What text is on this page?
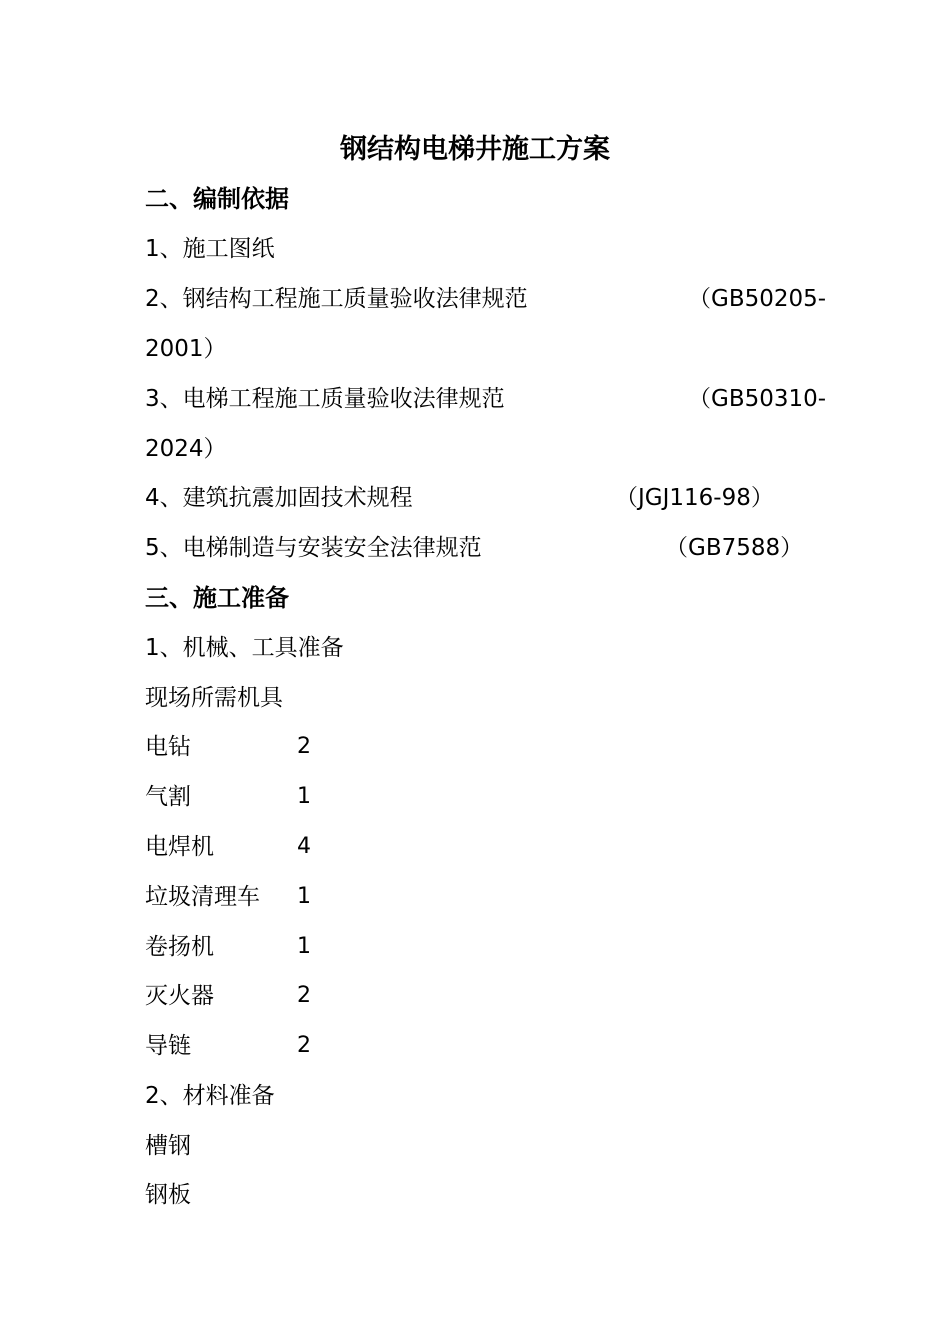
钢结构电梯井施工方案
二、编制依据
1、施工图纸
2、钢结构工程施工质量验收法律规范	（GB50205-
2001）
3、电梯工程施工质量验收法律规范	（GB50310-
2024）
4、建筑抗震加固技术规程	（JGJ116-98）
5、电梯制造与安装安全法律规范	（GB7588）
三、施工准备
1、机械、工具准备
现场所需机具
电钻	2
气割	1
电焊机	4
垃圾清理车 1
卷扬机	1
灭火器	2
导链	2
2、材料准备
槽钢
钢板
